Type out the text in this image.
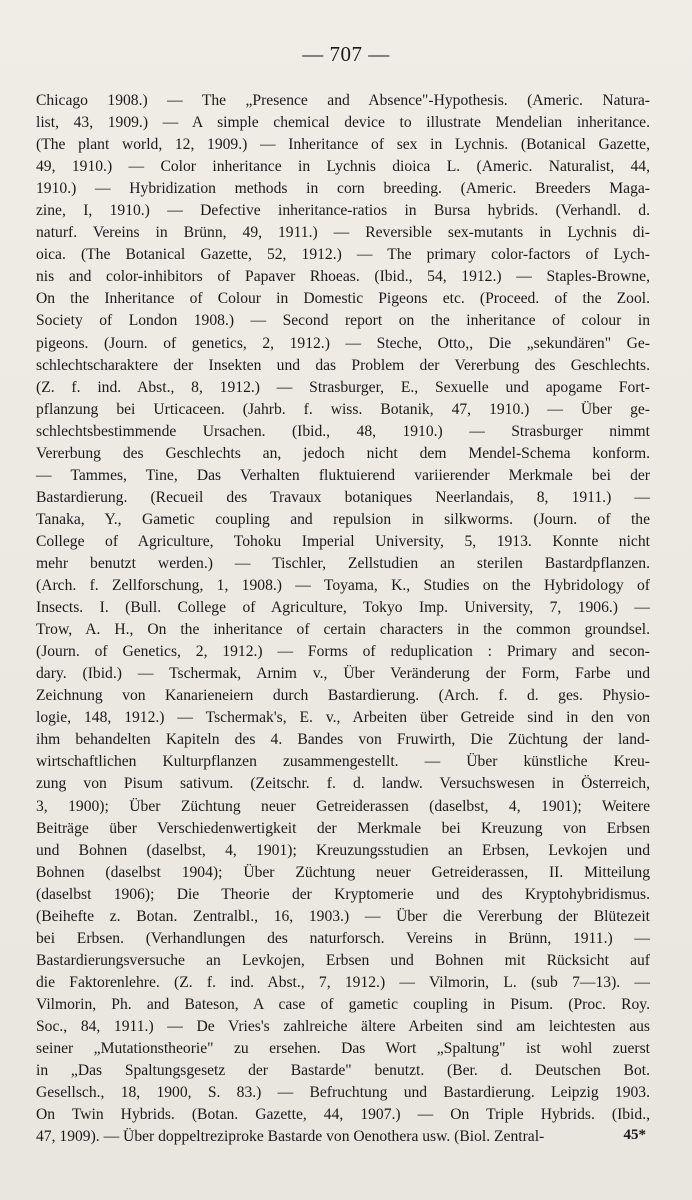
— 707 —
Chicago 1908.) — The „Presence and Absence"-Hypothesis. (Americ. Natura-
list, 43, 1909.) — A simple chemical device to illustrate Mendelian inheritance.
(The plant world, 12, 1909.) — Inheritance of sex in Lychnis. (Botanical Gazette,
49, 1910.) — Color inheritance in Lychnis dioica L. (Americ. Naturalist, 44,
1910.) — Hybridization methods in corn breeding. (Americ. Breeders Maga-
zine, I, 1910.) — Defective inheritance-ratios in Bursa hybrids. (Verhandl. d.
naturf. Vereins in Brünn, 49, 1911.) — Reversible sex-mutants in Lychnis di-
oica. (The Botanical Gazette, 52, 1912.) — The primary color-factors of Lych-
nis and color-inhibitors of Papaver Rhoeas. (Ibid., 54, 1912.) — Staples-Browne,
On the Inheritance of Colour in Domestic Pigeons etc. (Proceed. of the Zool.
Society of London 1908.) — Second report on the inheritance of colour in
pigeons. (Journ. of genetics, 2, 1912.) — Steche, Otto,, Die „sekundären" Ge-
schlechtscharaktere der Insekten und das Problem der Vererbung des Geschlechts.
(Z. f. ind. Abst., 8, 1912.) — Strasburger, E., Sexuelle und apogame Fort-
pflanzung bei Urticaceen. (Jahrb. f. wiss. Botanik, 47, 1910.) — Über ge-
schlechtsbestimmende Ursachen. (Ibid., 48, 1910.) — Strasburger nimmt
Vererbung des Geschlechts an, jedoch nicht dem Mendel-Schema konform.
— Tammes, Tine, Das Verhalten fluktuierend variierender Merkmale bei der
Bastardierung. (Recueil des Travaux botaniques Neerlandais, 8, 1911.) —
Tanaka, Y., Gametic coupling and repulsion in silkworms. (Journ. of the
College of Agriculture, Tohoku Imperial University, 5, 1913. Konnte nicht
mehr benutzt werden.) — Tischler, Zellstudien an sterilen Bastardpflanzen.
(Arch. f. Zellforschung, 1, 1908.) — Toyama, K., Studies on the Hybridology of
Insects. I. (Bull. College of Agriculture, Tokyo Imp. University, 7, 1906.) —
Trow, A. H., On the inheritance of certain characters in the common groundsel.
(Journ. of Genetics, 2, 1912.) — Forms of reduplication : Primary and secon-
dary. (Ibid.) — Tschermak, Arnim v., Über Veränderung der Form, Farbe und
Zeichnung von Kanarieneiern durch Bastardierung. (Arch. f. d. ges. Physio-
logie, 148, 1912.) — Tschermak's, E. v., Arbeiten über Getreide sind in den von
ihm behandelten Kapiteln des 4. Bandes von Fruwirth, Die Züchtung der land-
wirtschaftlichen Kulturpflanzen zusammengestellt. — Über künstliche Kreu-
zung von Pisum sativum. (Zeitschr. f. d. landw. Versuchswesen in Österreich,
3, 1900); Über Züchtung neuer Getreiderassen (daselbst, 4, 1901); Weitere
Beiträge über Verschiedenwertigkeit der Merkmale bei Kreuzung von Erbsen
und Bohnen (daselbst, 4, 1901); Kreuzungsstudien an Erbsen, Levkojen und
Bohnen (daselbst 1904); Über Züchtung neuer Getreiderassen, II. Mitteilung
(daselbst 1906); Die Theorie der Kryptomerie und des Kryptohybridismus.
(Beihefte z. Botan. Zentralbl., 16, 1903.) — Über die Vererbung der Blütezeit
bei Erbsen. (Verhandlungen des naturforsch. Vereins in Brünn, 1911.) —
Bastardierungsversuche an Levkojen, Erbsen und Bohnen mit Rücksicht auf
die Faktorenlehre. (Z. f. ind. Abst., 7, 1912.) — Vilmorin, L. (sub 7—13). —
Vilmorin, Ph. and Bateson, A case of gametic coupling in Pisum. (Proc. Roy.
Soc., 84, 1911.) — De Vries's zahlreiche ältere Arbeiten sind am leichtesten aus
seiner „Mutationstheorie" zu ersehen. Das Wort „Spaltung" ist wohl zuerst
in „Das Spaltungsgesetz der Bastarde" benutzt. (Ber. d. Deutschen Bot.
Gesellsch., 18, 1900, S. 83.) — Befruchtung und Bastardierung. Leipzig 1903.
On Twin Hybrids. (Botan. Gazette, 44, 1907.) — On Triple Hybrids. (Ibid.,
47, 1909). — Über doppeltreziproke Bastarde von Oenothera usw. (Biol. Zentral-	45*
